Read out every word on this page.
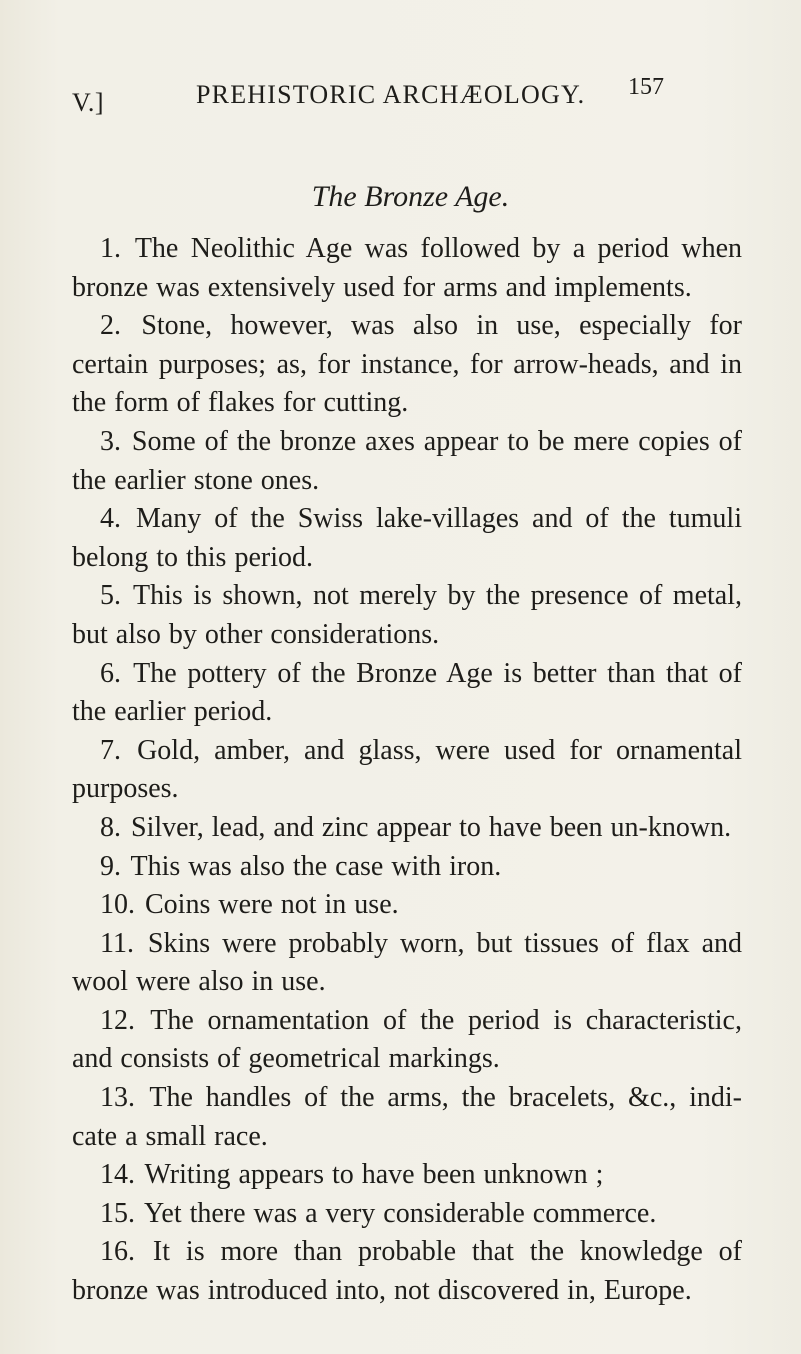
V.]	PREHISTORIC ARCHÆOLOGY. 157
The Bronze Age.

1. The Neolithic Age was followed by a period when bronze was extensively used for arms and implements.

2. Stone, however, was also in use, especially for certain purposes; as, for instance, for arrow-heads, and in the form of flakes for cutting.

3. Some of the bronze axes appear to be mere copies of the earlier stone ones.

4. Many of the Swiss lake-villages and of the tumuli belong to this period.

5. This is shown, not merely by the presence of metal, but also by other considerations.

6. The pottery of the Bronze Age is better than that of the earlier period.

7. Gold, amber, and glass, were used for ornamental purposes.

8. Silver, lead, and zinc appear to have been un-known.

9. This was also the case with iron.

10. Coins were not in use.

11. Skins were probably worn, but tissues of flax and wool were also in use.

12. The ornamentation of the period is characteristic, and consists of geometrical markings.

13. The handles of the arms, the bracelets, &c., indi-cate a small race.

14. Writing appears to have been unknown ;

15. Yet there was a very considerable commerce.

16. It is more than probable that the knowledge of bronze was introduced into, not discovered in, Europe.
